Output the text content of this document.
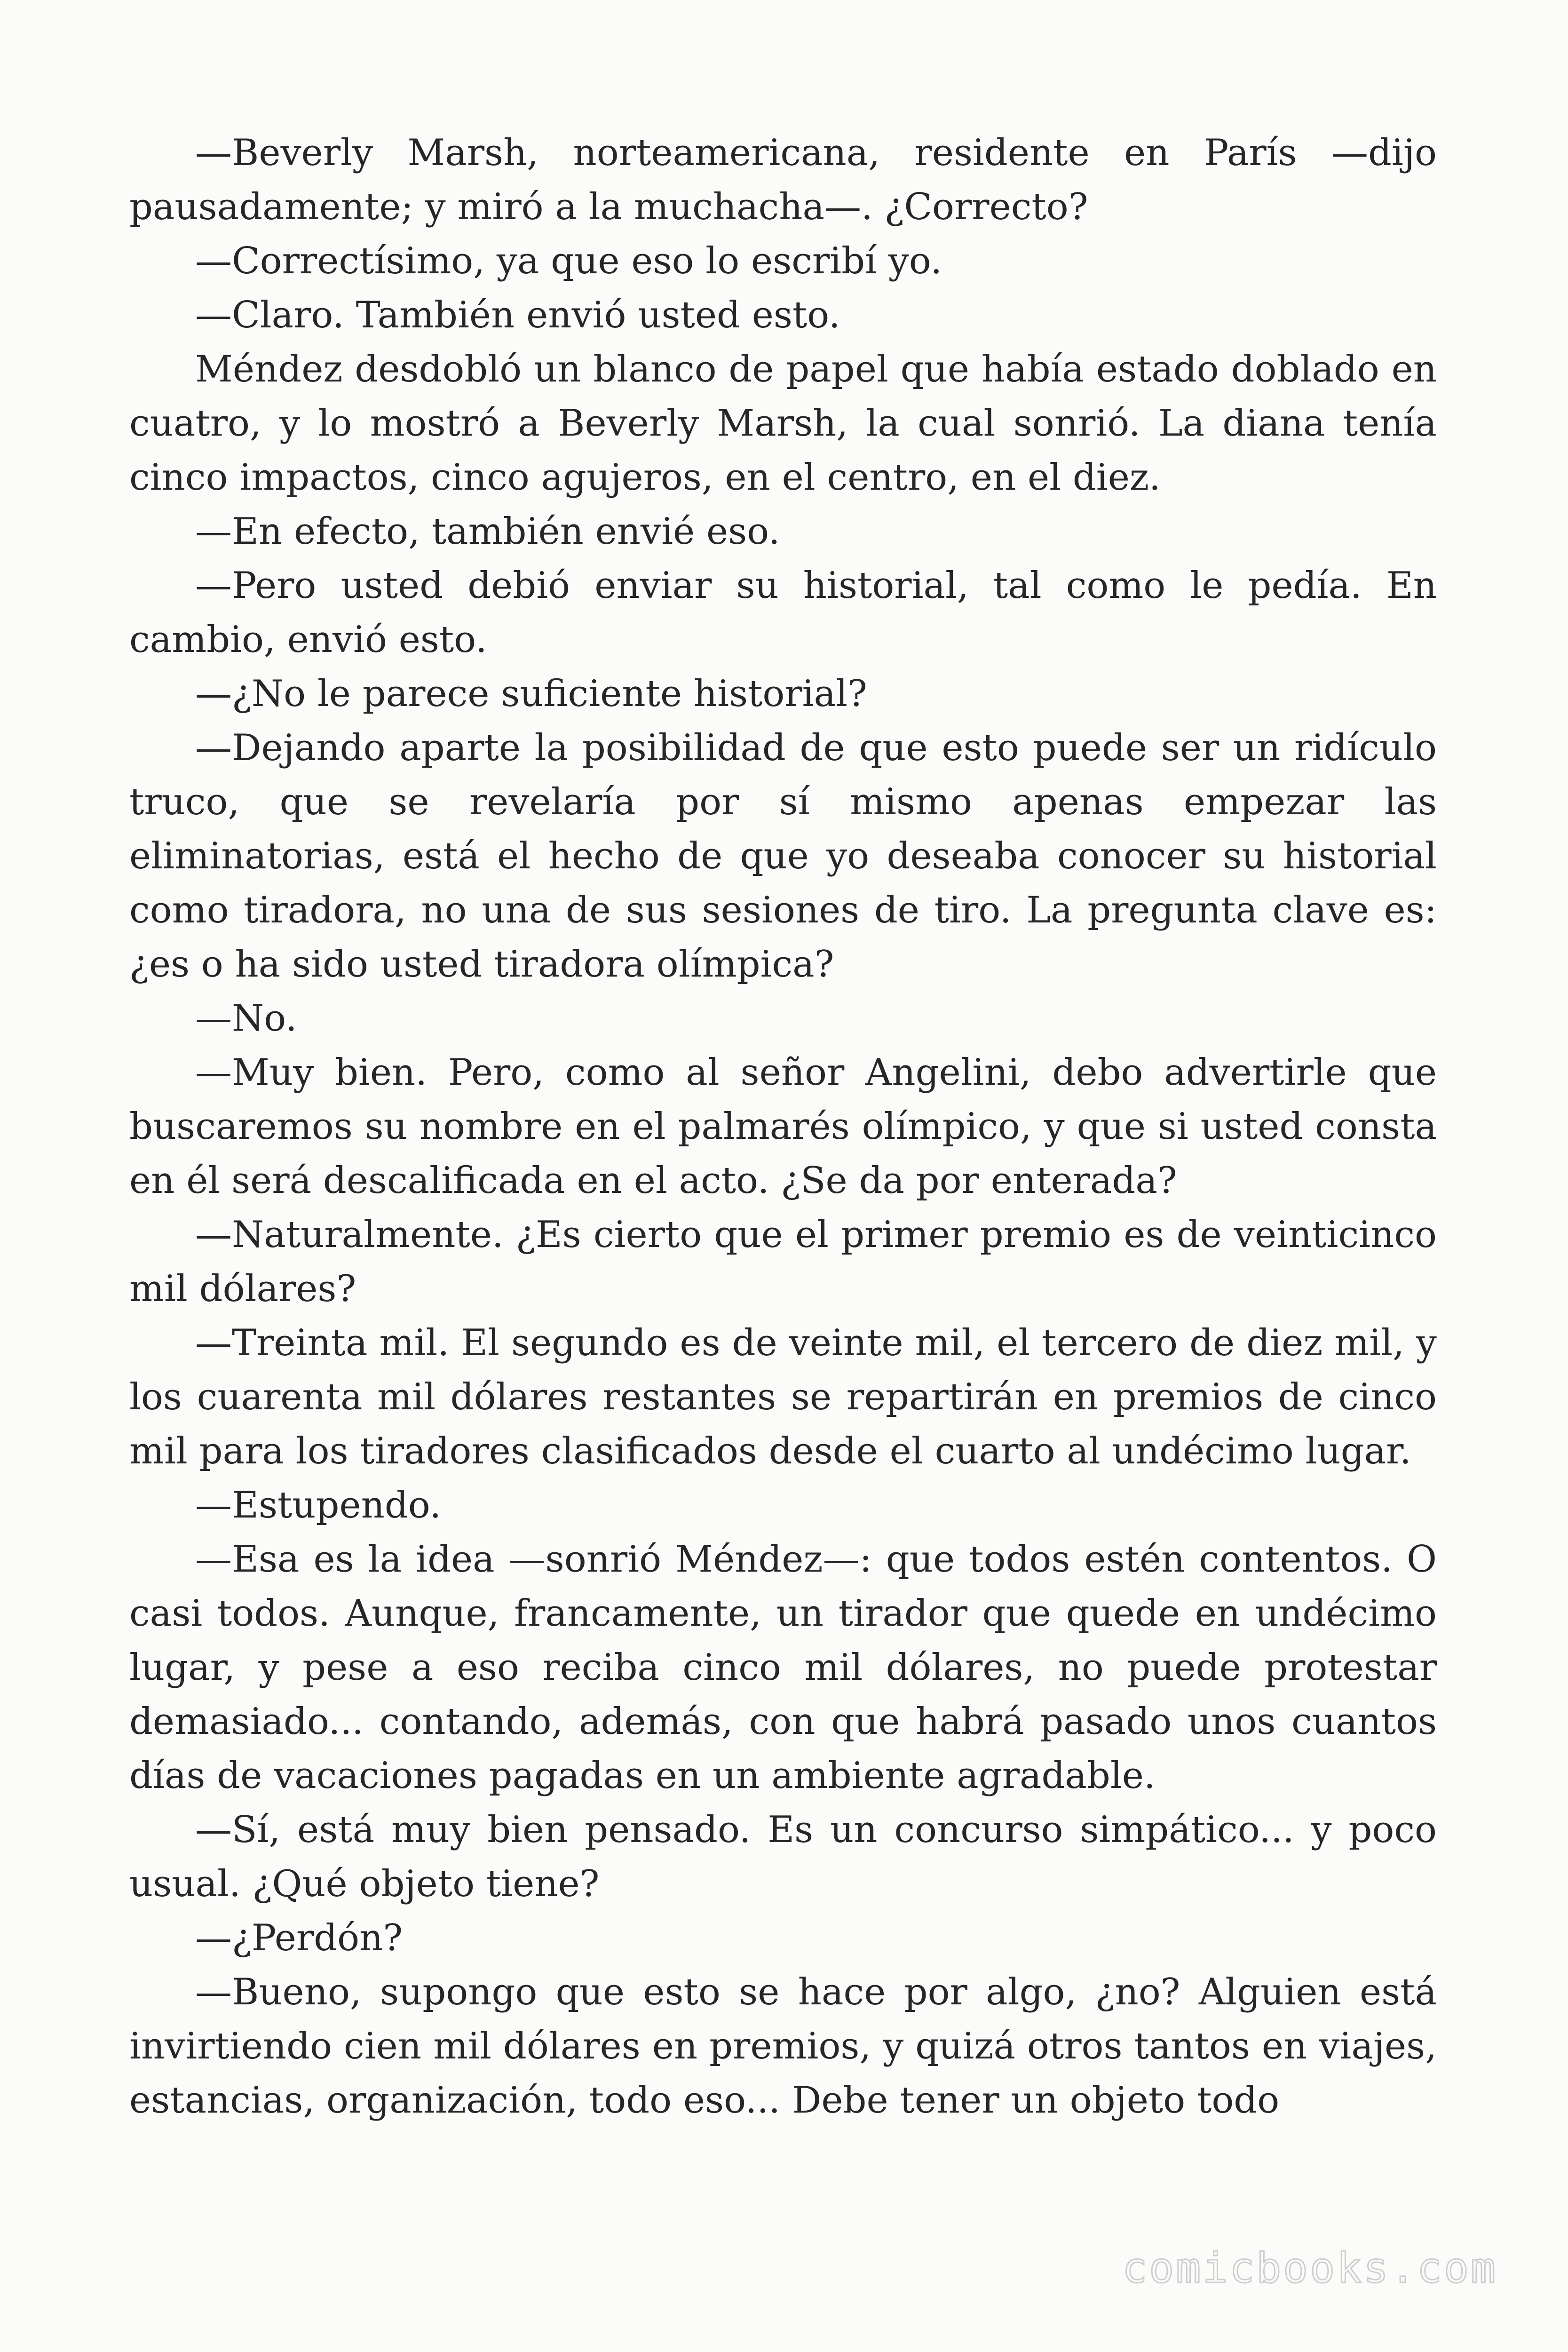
—Beverly Marsh, norteamericana, residente en París —dijo pausadamente; y miró a la muchacha—. ¿Correcto?

—Correctísimo, ya que eso lo escribí yo.

—Claro. También envió usted esto.

Méndez desdobló un blanco de papel que había estado doblado en cuatro, y lo mostró a Beverly Marsh, la cual sonrió. La diana tenía cinco impactos, cinco agujeros, en el centro, en el diez.

—En efecto, también envié eso.

—Pero usted debió enviar su historial, tal como le pedía. En cambio, envió esto.

—¿No le parece suficiente historial?

—Dejando aparte la posibilidad de que esto puede ser un ridículo truco, que se revelaría por sí mismo apenas empezar las eliminatorias, está el hecho de que yo deseaba conocer su historial como tiradora, no una de sus sesiones de tiro. La pregunta clave es: ¿es o ha sido usted tiradora olímpica?

—No.

—Muy bien. Pero, como al señor Angelini, debo advertirle que buscaremos su nombre en el palmarés olímpico, y que si usted consta en él será descalificada en el acto. ¿Se da por enterada?

—Naturalmente. ¿Es cierto que el primer premio es de veinticinco mil dólares?

—Treinta mil. El segundo es de veinte mil, el tercero de diez mil, y los cuarenta mil dólares restantes se repartirán en premios de cinco mil para los tiradores clasificados desde el cuarto al undécimo lugar.

—Estupendo.

—Esa es la idea —sonrió Méndez—: que todos estén contentos. O casi todos. Aunque, francamente, un tirador que quede en undécimo lugar, y pese a eso reciba cinco mil dólares, no puede protestar demasiado... contando, además, con que habrá pasado unos cuantos días de vacaciones pagadas en un ambiente agradable.

—Sí, está muy bien pensado. Es un concurso simpático... y poco usual. ¿Qué objeto tiene?

—¿Perdón?

—Bueno, supongo que esto se hace por algo, ¿no? Alguien está invirtiendo cien mil dólares en premios, y quizá otros tantos en viajes, estancias, organización, todo eso... Debe tener un objeto todo

comicbooks.com
